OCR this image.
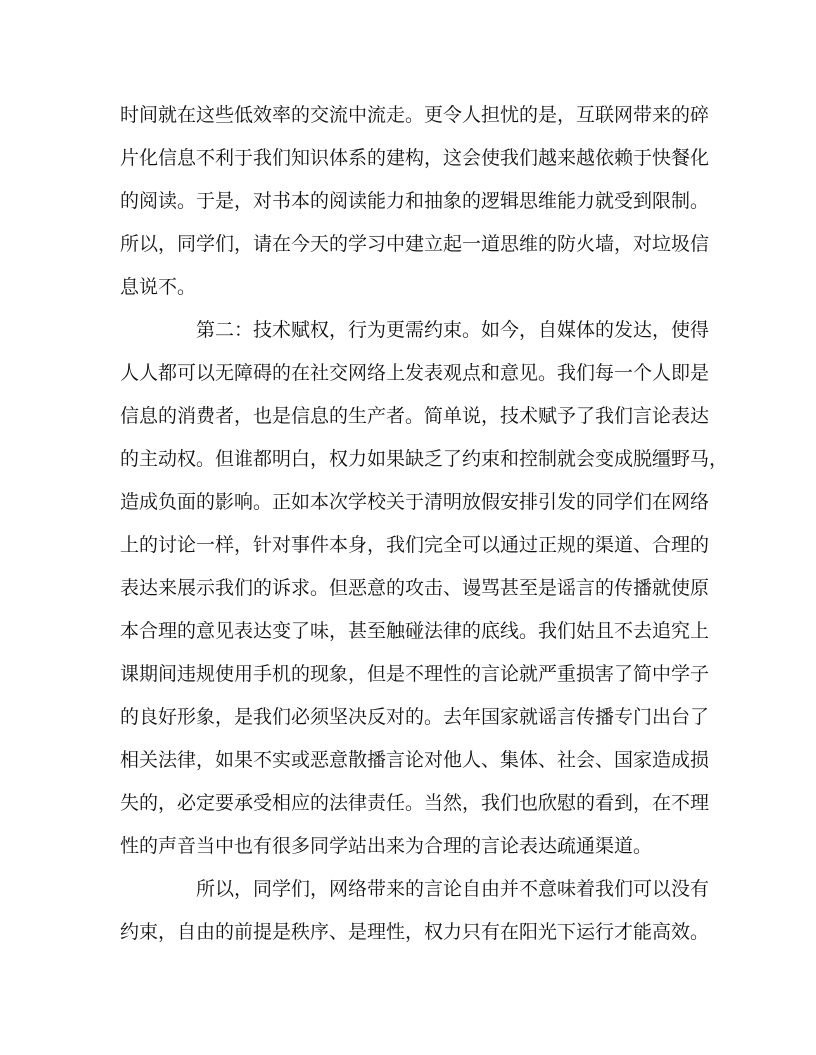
时间就在这些低效率的交流中流走。更令人担忧的是，互联网带来的碎
片化信息不利于我们知识体系的建构，这会使我们越来越依赖于快餐化
的阅读。于是，对书本的阅读能力和抽象的逻辑思维能力就受到限制。
所以，同学们，请在今天的学习中建立起一道思维的防火墙，对垃圾信
息说不。
第二：技术赋权，行为更需约束。如今，自媒体的发达，使得
人人都可以无障碍的在社交网络上发表观点和意见。我们每一个人即是
信息的消费者，也是信息的生产者。简单说，技术赋予了我们言论表达
的主动权。但谁都明白，权力如果缺乏了约束和控制就会变成脱缰野马，
造成负面的影响。正如本次学校关于清明放假安排引发的同学们在网络
上的讨论一样，针对事件本身，我们完全可以通过正规的渠道、合理的
表达来展示我们的诉求。但恶意的攻击、谩骂甚至是谣言的传播就使原
本合理的意见表达变了味，甚至触碰法律的底线。我们姑且不去追究上
课期间违规使用手机的现象，但是不理性的言论就严重损害了简中学子
的良好形象，是我们必须坚决反对的。去年国家就谣言传播专门出台了
相关法律，如果不实或恶意散播言论对他人、集体、社会、国家造成损
失的，必定要承受相应的法律责任。当然，我们也欣慰的看到，在不理
性的声音当中也有很多同学站出来为合理的言论表达疏通渠道。
所以，同学们，网络带来的言论自由并不意味着我们可以没有
约束，自由的前提是秩序、是理性，权力只有在阳光下运行才能高效。
